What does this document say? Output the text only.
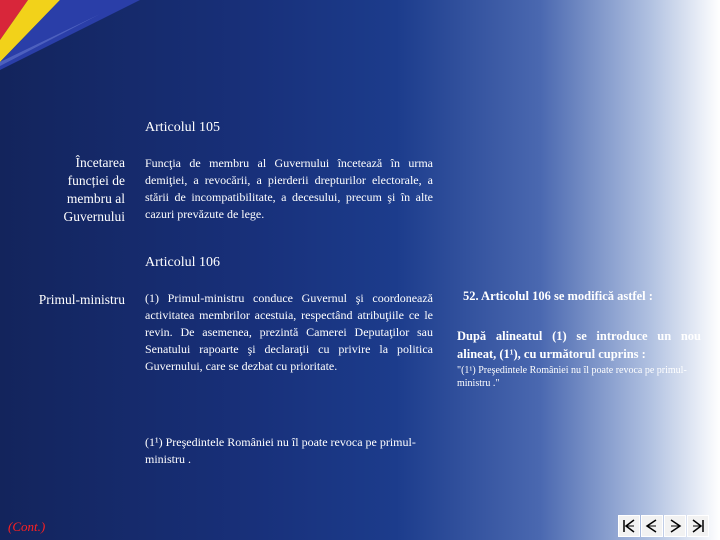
Articolul 105
Încetarea
funcției de
membru al
Guvernului
Funcţia de membru al Guvernului încetează în urma demiţiei, a revocării, a pierderii drepturilor electorale, a stării de incompatibilitate, a decesului, precum şi în alte cazuri prevăzute de lege.
Articolul 106
Primul-ministru (1) Primul-ministru conduce Guvernul şi coordonează activitatea membrilor acestuia, respectând atribuţiile ce le revin. De asemenea, prezintă Camerei Deputaţilor sau Senatului rapoarte şi declaraţii cu privire la politica Guvernului, care se dezbat cu prioritate.
(1¹) Preşedintele României nu îl poate revoca pe primul-ministru .
52. Articolul 106 se modifică astfel :
După alineatul (1) se introduce un nou alineat, (1¹), cu următorul cuprins :
"(1¹) Preşedintele României nu îl poate revoca pe primul-ministru ."
(Cont.)
